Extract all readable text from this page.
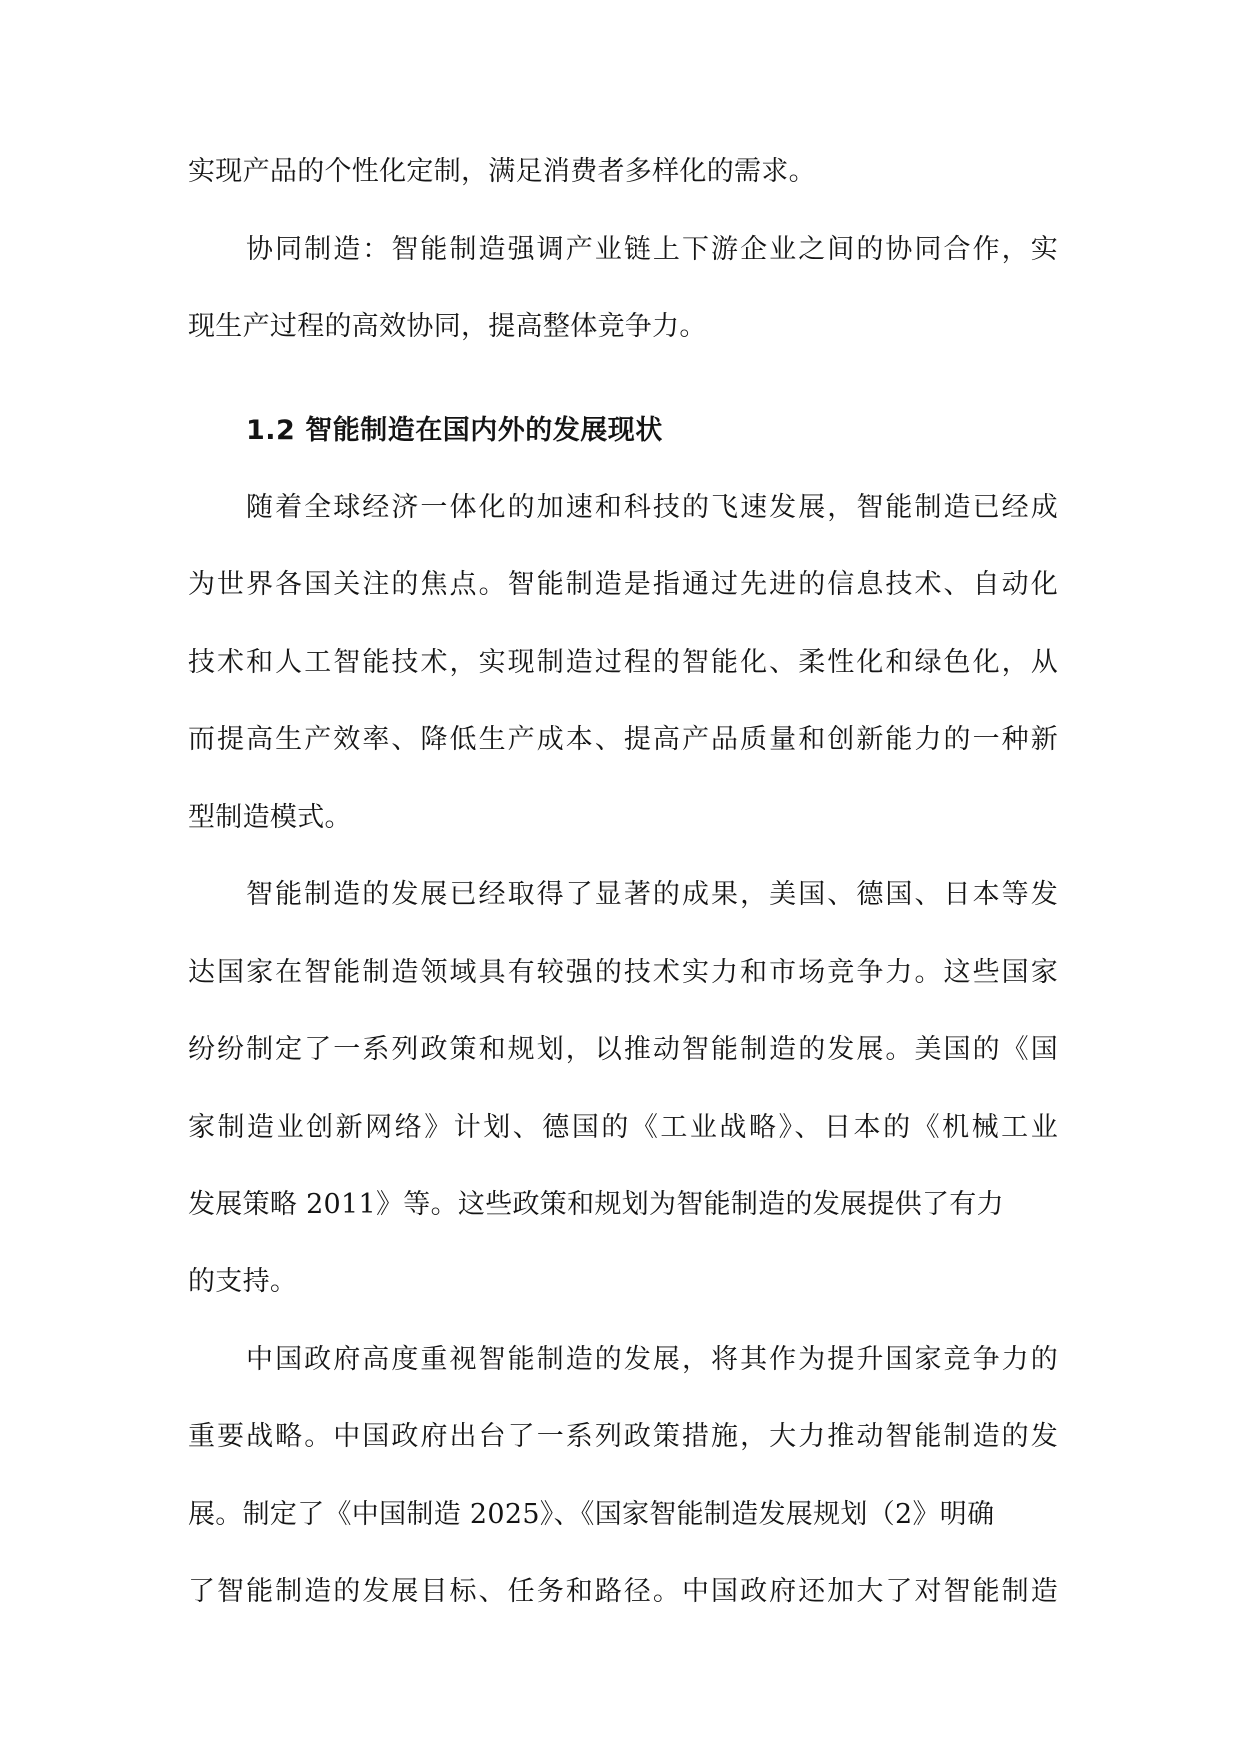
实现产品的个性化定制，满足消费者多样化的需求。
协同制造：智能制造强调产业链上下游企业之间的协同合作，实
现生产过程的高效协同，提高整体竞争力。
1.2 智能制造在国内外的发展现状
随着全球经济一体化的加速和科技的飞速发展，智能制造已经成
为世界各国关注的焦点。智能制造是指通过先进的信息技术、自动化
技术和人工智能技术，实现制造过程的智能化、柔性化和绿色化，从
而提高生产效率、降低生产成本、提高产品质量和创新能力的一种新
型制造模式。
智能制造的发展已经取得了显著的成果，美国、德国、日本等发
达国家在智能制造领域具有较强的技术实力和市场竞争力。这些国家
纷纷制定了一系列政策和规划，以推动智能制造的发展。美国的《国
家制造业创新网络》计划、德国的《工业战略》、日本的《机械工业
发展策略 2011》等。这些政策和规划为智能制造的发展提供了有力
的支持。
中国政府高度重视智能制造的发展，将其作为提升国家竞争力的
重要战略。中国政府出台了一系列政策措施，大力推动智能制造的发
展。制定了《中国制造 2025》、《国家智能制造发展规划（2》明确
了智能制造的发展目标、任务和路径。中国政府还加大了对智能制造
